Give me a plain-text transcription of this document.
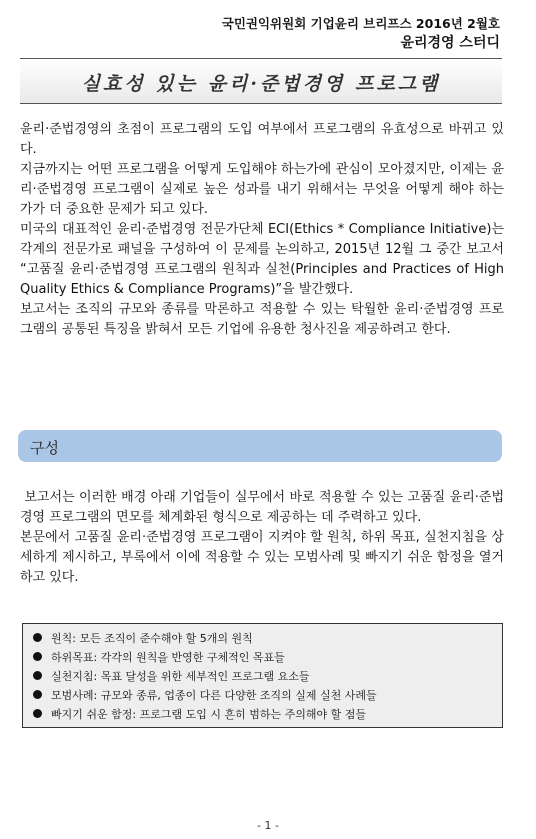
국민권익위원회 기업윤리 브리프스 2016년 2월호
윤리경영 스터디
실효성 있는 윤리·준법경영 프로그램

윤리·준법경영의 초점이 프로그램의 도입 여부에서 프로그램의 유효성으로 바뀌고 있다.

지금까지는 어떤 프로그램을 어떻게 도입해야 하는가에 관심이 모아졌지만, 이제는 윤리·준법경영 프로그램이 실제로 높은 성과를 내기 위해서는 무엇을 어떻게 해야 하는가가 더 중요한 문제가 되고 있다.

미국의 대표적인 윤리·준법경영 전문가단체 ECI(Ethics * Compliance Initiative)는 각계의 전문가로 패널을 구성하여 이 문제를 논의하고, 2015년 12월 그 중간 보고서 “고품질 윤리·준법경영 프로그램의 원칙과 실천(Principles and Practices of High Quality Ethics & Compliance Programs)”을 발간했다.

보고서는 조직의 규모와 종류를 막론하고 적용할 수 있는 탁월한 윤리·준법경영 프로그램의 공통된 특징을 밝혀서 모든 기업에 유용한 청사진을 제공하려고 한다.

구성

보고서는 이러한 배경 아래 기업들이 실무에서 바로 적용할 수 있는 고품질 윤리·준법경영 프로그램의 면모를 체계화된 형식으로 제공하는 데 주력하고 있다.

본문에서 고품질 윤리·준법경영 프로그램이 지켜야 할 원칙, 하위 목표, 실천지침을 상세하게 제시하고, 부록에서 이에 적용할 수 있는 모범사례 및 빠지기 쉬운 함정을 열거하고 있다.

원칙: 모든 조직이 준수해야 할 5개의 원칙
하위목표: 각각의 원칙을 반영한 구체적인 목표들
실천지침: 목표 달성을 위한 세부적인 프로그램 요소들
모범사례: 규모와 종류, 업종이 다른 다양한 조직의 실제 실천 사례들
빠지기 쉬운 함정: 프로그램 도입 시 흔히 범하는 주의해야 할 점들
- 1 -
